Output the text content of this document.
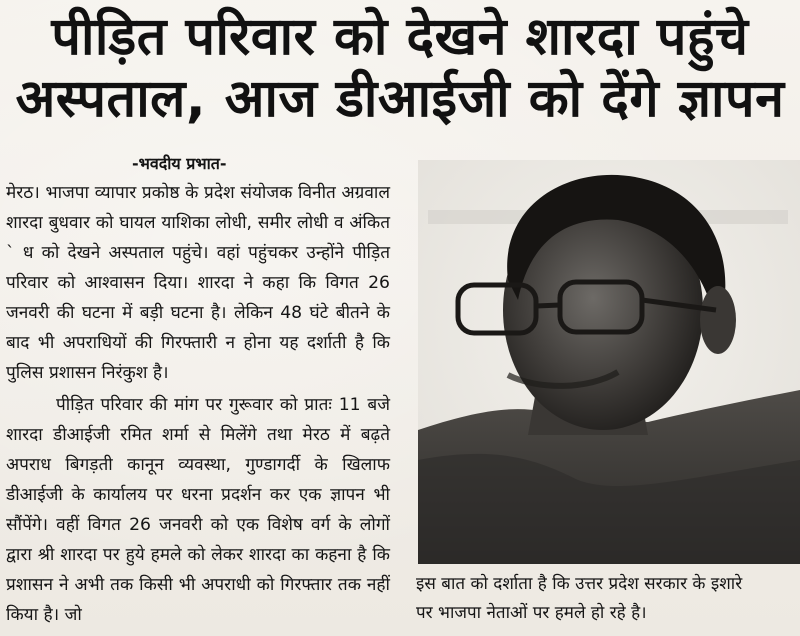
पीड़ित परिवार को देखने शारदा पहुंचे
अस्पताल, आज डीआईजी को देंगे ज्ञापन
-भवदीय प्रभात-

मेरठ। भाजपा व्यापार प्रकोष्ठ के प्रदेश संयोजक विनीत अग्रवाल शारदा बुधवार को घायल याशिका लोधी, समीर लोधी व अंकित ` ध को देखने अस्पताल पहुंचे। वहां पहुंचकर उन्होंने पीड़ित परिवार को आश्वासन दिया। शारदा ने कहा कि विगत 26 जनवरी की घटना में बड़ी घटना है। लेकिन 48 घंटे बीतने के बाद भी अपराधियों की गिरफ्तारी न होना यह दर्शाती है कि पुलिस प्रशासन निरंकुश है।

पीड़ित परिवार की मांग पर गुरूवार को प्रातः 11 बजे शारदा डीआईजी रमित शर्मा से मिलेंगे तथा मेरठ में बढ़ते अपराध बिगड़ती कानून व्यवस्था, गुण्डागर्दी के खिलाफ डीआईजी के कार्यालय पर धरना प्रदर्शन कर एक ज्ञापन भी सौंपेंगे। वहीं विगत 26 जनवरी को एक विशेष वर्ग के लोगों द्वारा श्री शारदा पर हुये हमले को लेकर शारदा का कहना है कि प्रशासन ने अभी तक किसी भी अपराधी को गिरफ्तार तक नहीं किया है। जो

इस बात को दर्शाता है कि उत्तर प्रदेश सरकार के इशारे
पर भाजपा नेताओं पर हमले हो रहे है।
